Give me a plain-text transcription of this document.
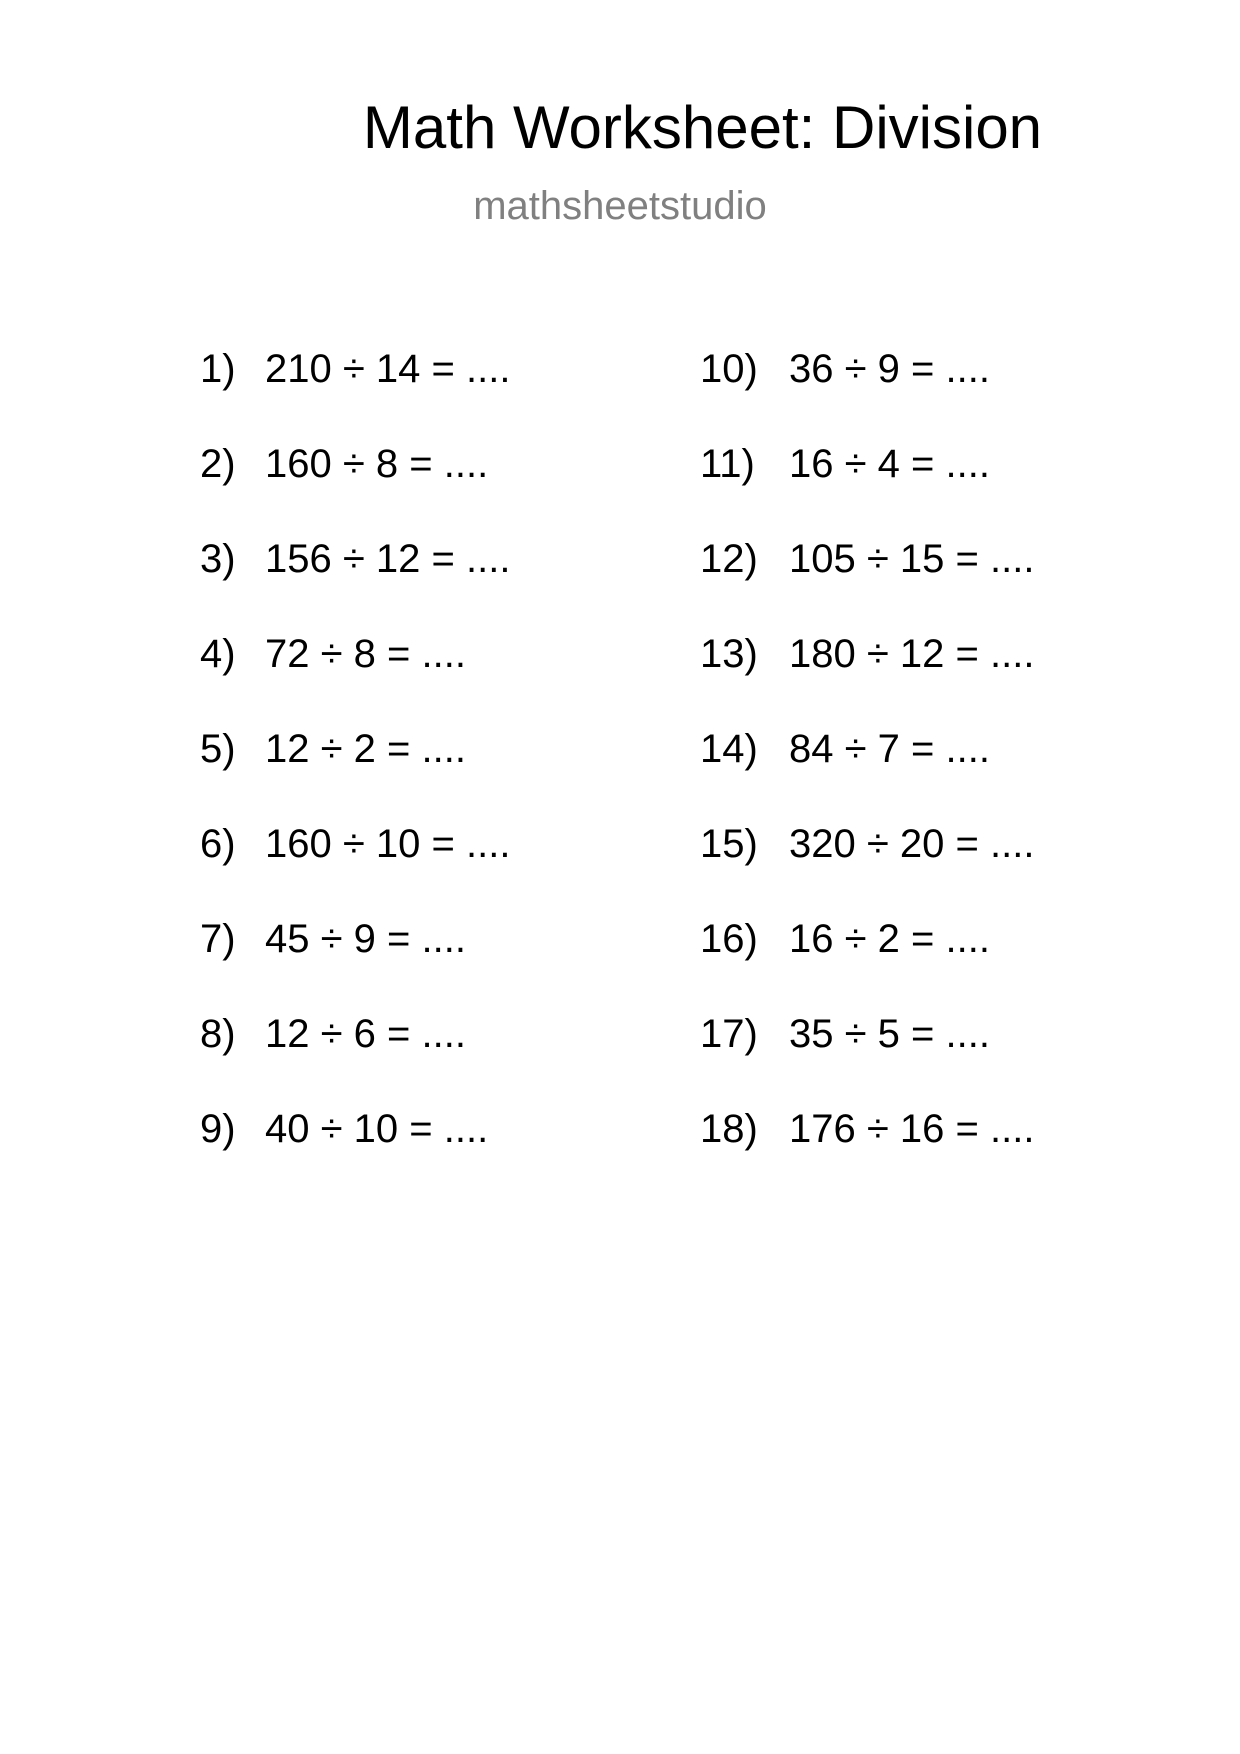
Math Worksheet: Division
mathsheetstudio
1) 210 ÷ 14 = ....
2) 160 ÷ 8 = ....
3) 156 ÷ 12 = ....
4) 72 ÷ 8 = ....
5) 12 ÷ 2 = ....
6) 160 ÷ 10 = ....
7) 45 ÷ 9 = ....
8) 12 ÷ 6 = ....
9) 40 ÷ 10 = ....
10) 36 ÷ 9 = ....
11) 16 ÷ 4 = ....
12) 105 ÷ 15 = ....
13) 180 ÷ 12 = ....
14) 84 ÷ 7 = ....
15) 320 ÷ 20 = ....
16) 16 ÷ 2 = ....
17) 35 ÷ 5 = ....
18) 176 ÷ 16 = ....
